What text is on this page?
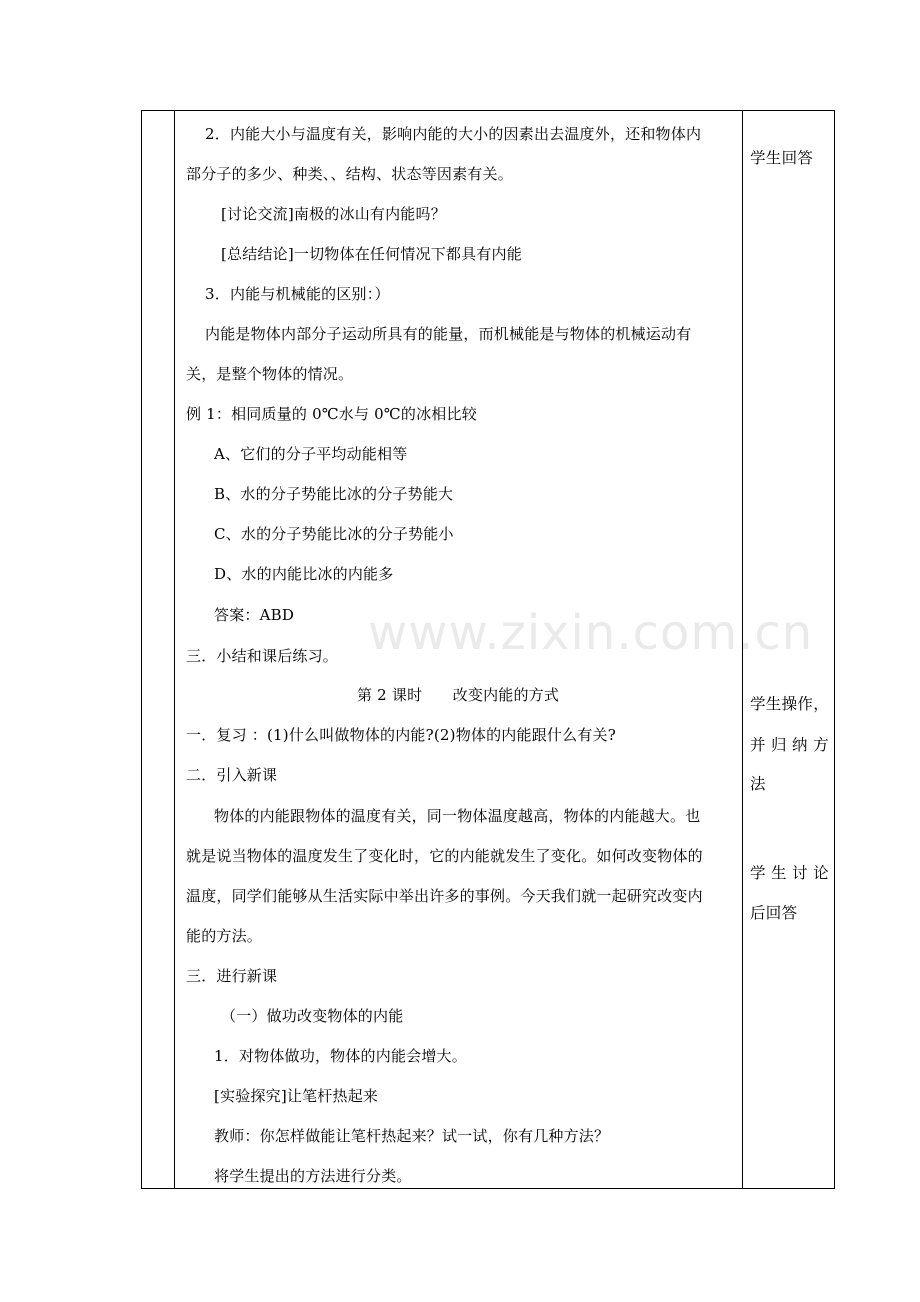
2．内能大小与温度有关，影响内能的大小的因素出去温度外，还和物体内
部分子的多少、种类、、结构、状态等因素有关。
[讨论交流]南极的冰山有内能吗？
[总结结论]一切物体在任何情况下都具有内能
3．内能与机械能的区别：）
内能是物体内部分子运动所具有的能量，而机械能是与物体的机械运动有
关，是整个物体的情况。
例 1：相同质量的 0℃水与 0℃的冰相比较
A、它们的分子平均动能相等
B、水的分子势能比冰的分子势能大
C、水的分子势能比冰的分子势能小
D、水的内能比冰的内能多
答案：ABD
三．小结和课后练习。
第 2 课时　　改变内能的方式
一．复习 ：(1)什么叫做物体的内能?(2)物体的内能跟什么有关?
二．引入新课
物体的内能跟物体的温度有关，同一物体温度越高，物体的内能越大。也
就是说当物体的温度发生了变化时，它的内能就发生了变化。如何改变物体的
温度，同学们能够从生活实际中举出许多的事例。今天我们就一起研究改变内
能的方法。
三．进行新课
（一）做功改变物体的内能
1．对物体做功，物体的内能会增大。
[实验探究]让笔杆热起来
教师：你怎样做能让笔杆热起来？试一试，你有几种方法？
将学生提出的方法进行分类。
学生回答
学生操作，
并 归 纳 方
法
学 生 讨 论
后回答
www.zixin.com.cn
